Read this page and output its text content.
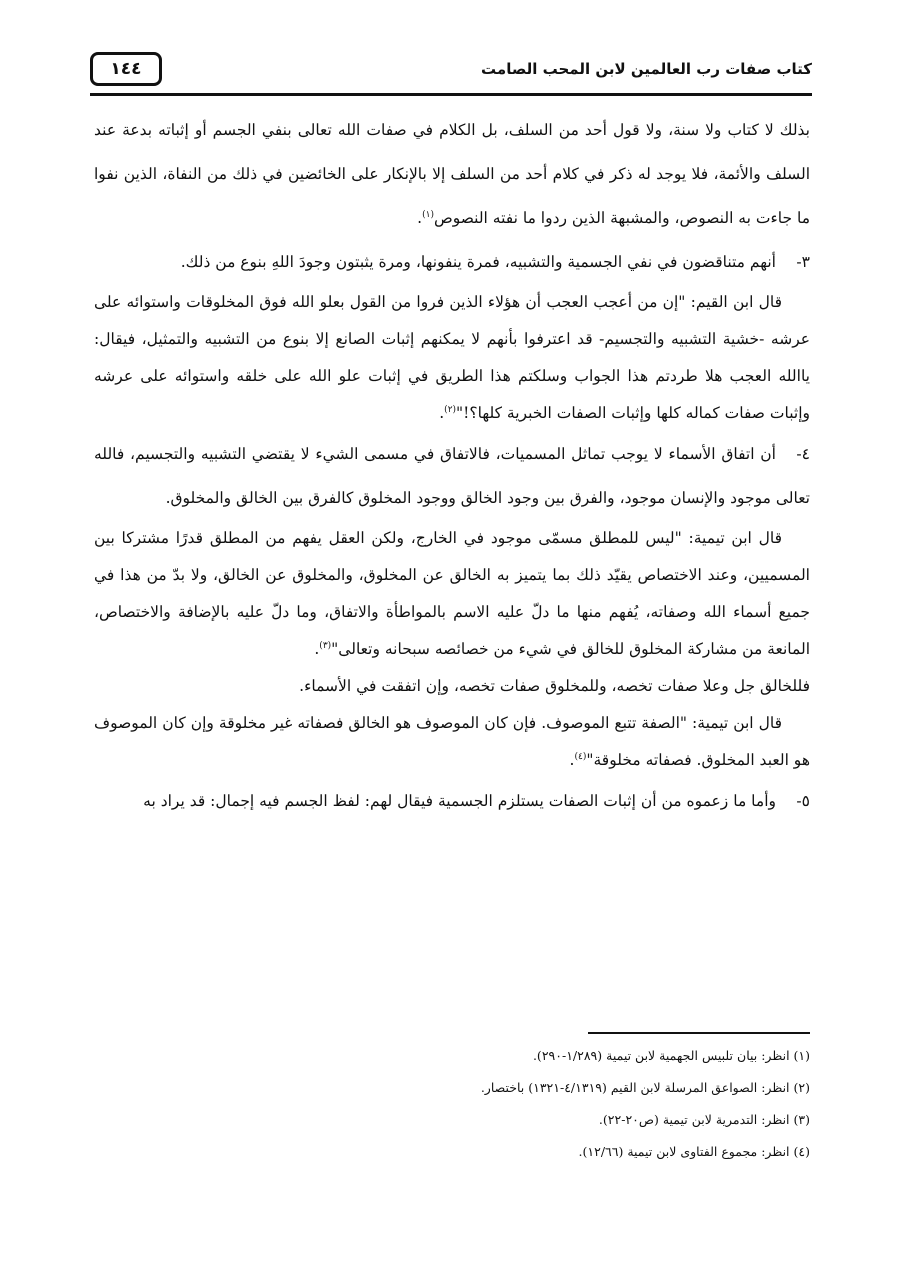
كتاب صفات رب العالمين لابن المحب الصامت
١٤٤

بذلك لا كتاب ولا سنة، ولا قول أحد من السلف، بل الكلام في صفات الله تعالى بنفي الجسم أو إثباته بدعة عند السلف والأئمة، فلا يوجد له ذكر في كلام أحد من السلف إلا بالإنكار على الخائضين في ذلك من النفاة، الذين نفوا ما جاءت به النصوص، والمشبهة الذين ردوا ما نفته النصوص$^{(١)}$.

٣-أنهم متناقضون في نفي الجسمية والتشبيه، فمرة ينفونها، ومرة يثبتون وجودَ اللهِ بنوع من ذلك.

قال ابن القيم: "إن من أعجب العجب أن هؤلاء الذين فروا من القول بعلو الله فوق المخلوقات واستوائه على عرشه -خشية التشبيه والتجسيم- قد اعترفوا بأنهم لا يمكنهم إثبات الصانع إلا بنوع من التشبيه والتمثيل، فيقال: ياالله العجب هلا طردتم هذا الجواب وسلكتم هذا الطريق في إثبات علو الله على خلقه واستوائه على عرشه وإثبات صفات كماله كلها وإثبات الصفات الخبرية كلها؟!"$^{(٢)}$.

٤-أن اتفاق الأسماء لا يوجب تماثل المسميات، فالاتفاق في مسمى الشيء لا يقتضي التشبيه والتجسيم، فالله تعالى موجود والإنسان موجود، والفرق بين وجود الخالق ووجود المخلوق كالفرق بين الخالق والمخلوق.

قال ابن تيمية: "ليس للمطلق مسمّى موجود في الخارج، ولكن العقل يفهم من المطلق قدرًا مشتركا بين المسميين، وعند الاختصاص يقيّد ذلك بما يتميز به الخالق عن المخلوق، والمخلوق عن الخالق، ولا بدّ من هذا في جميع أسماء الله وصفاته، يُفهم منها ما دلّ عليه الاسم بالمواطأة والاتفاق، وما دلّ عليه بالإضافة والاختصاص، المانعة من مشاركة المخلوق للخالق في شيء من خصائصه سبحانه وتعالى"$^{(٣)}$.

فللخالق جل وعلا صفات تخصه، وللمخلوق صفات تخصه، وإن اتفقت في الأسماء.

قال ابن تيمية: "الصفة تتبع الموصوف. فإن كان الموصوف هو الخالق فصفاته غير مخلوقة وإن كان الموصوف هو العبد المخلوق. فصفاته مخلوقة"$^{(٤)}$.

٥-وأما ما زعموه من أن إثبات الصفات يستلزم الجسمية فيقال لهم: لفظ الجسم فيه إجمال: قد يراد به

(١) انظر: بيان تلبيس الجهمية لابن تيمية (١/٢٨٩-٢٩٠).

(٢) انظر: الصواعق المرسلة لابن القيم (٤/١٣١٩-١٣٢١) باختصار.

(٣) انظر: التدمرية لابن تيمية (ص٢٠-٢٢).

(٤) انظر: مجموع الفتاوى لابن تيمية (١٢/٦٦).
